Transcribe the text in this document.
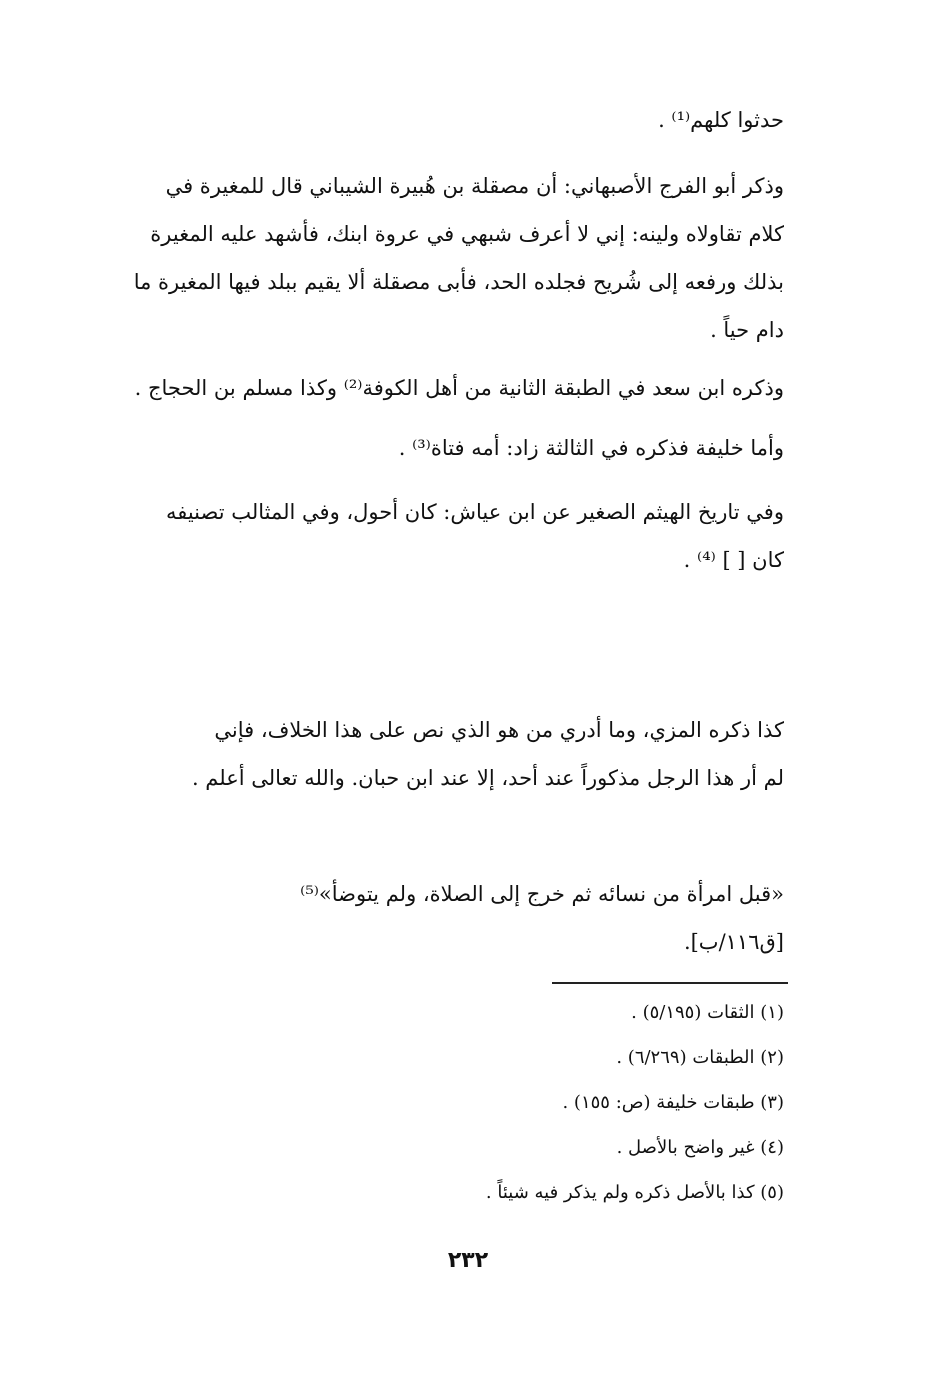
حدثوا كلهم⁽¹⁾ .
وذكر أبو الفرج الأصبهاني: أن مصقلة بن هُبيرة الشيباني قال للمغيرة في
كلام تقاولاه ولينه: إني لا أعرف شبهي في عروة ابنك، فأشهد عليه المغيرة
بذلك ورفعه إلى شُريح فجلده الحد، فأبى مصقلة ألا يقيم ببلد فيها المغيرة ما
دام حياً .
وذكره ابن سعد في الطبقة الثانية من أهل الكوفة⁽²⁾ وكذا مسلم بن الحجاج .
وأما خليفة فذكره في الثالثة زاد: أمه فتاة⁽³⁾ .
وفي تاريخ الهيثم الصغير عن ابن عياش: كان أحول، وفي المثالب تصنيفه
كان [ ] ⁽⁴⁾ .
كذا ذكره المزي، وما أدري من هو الذي نص على هذا الخلاف، فإني
لم أر هذا الرجل مذكوراً عند أحد، إلا عند ابن حبان. والله تعالى أعلم .
«قبل امرأة من نسائه ثم خرج إلى الصلاة، ولم يتوضأ»⁽⁵⁾
[ق١١٦/ب].
(١) الثقات (٥/١٩٥) .
(٢) الطبقات (٦/٢٦٩) .
(٣) طبقات خليفة (ص: ١٥٥) .
(٤) غير واضح بالأصل .
(٥) كذا بالأصل ذكره ولم يذكر فيه شيئاً .
٢٣٢
